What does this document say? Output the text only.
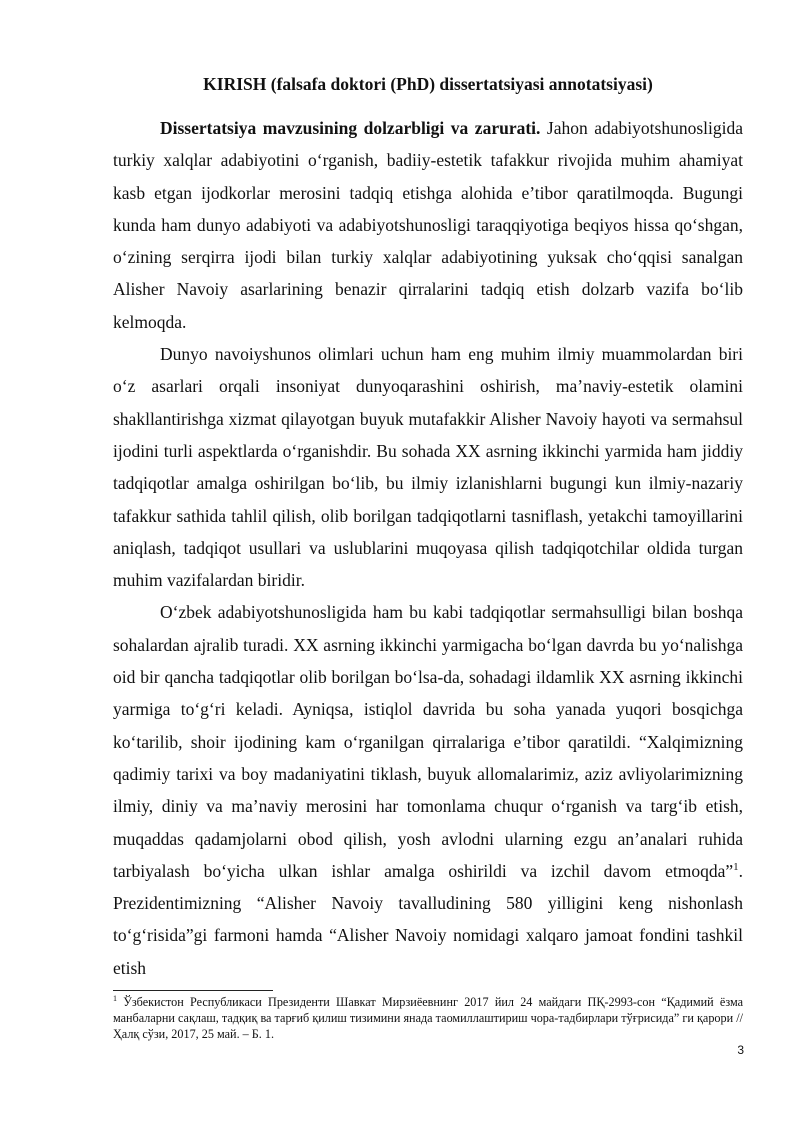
KIRISH (falsafa doktori (PhD) dissertatsiyasi annotatsiyasi)

Dissertatsiya mavzusining dolzarbligi va zarurati. Jahon adabiyotshunosligida turkiy xalqlar adabiyotini o‘rganish, badiiy-estetik tafakkur rivojida muhim ahamiyat kasb etgan ijodkorlar merosini tadqiq etishga alohida e’tibor qaratilmoqda. Bugungi kunda ham dunyo adabiyoti va adabiyotshunosligi taraqqiyotiga beqiyos hissa qo‘shgan, o‘zining serqirra ijodi bilan turkiy xalqlar adabiyotining yuksak cho‘qqisi sanalgan Alisher Navoiy asarlarining benazir qirralarini tadqiq etish dolzarb vazifa bo‘lib kelmoqda.

Dunyo navoiyshunos olimlari uchun ham eng muhim ilmiy muammolardan biri o‘z asarlari orqali insoniyat dunyoqarashini oshirish, ma’naviy-estetik olamini shakllantirishga xizmat qilayotgan buyuk mutafakkir Alisher Navoiy hayoti va sermahsul ijodini turli aspektlarda o‘rganishdir. Bu sohada XX asrning ikkinchi yarmida ham jiddiy tadqiqotlar amalga oshirilgan bo‘lib, bu ilmiy izlanishlarni bugungi kun ilmiy-nazariy tafakkur sathida tahlil qilish, olib borilgan tadqiqotlarni tasniflash, yetakchi tamoyillarini aniqlash, tadqiqot usullari va uslublarini muqoyasa qilish tadqiqotchilar oldida turgan muhim vazifalardan biridir.

O‘zbek adabiyotshunosligida ham bu kabi tadqiqotlar sermahsulligi bilan boshqa sohalardan ajralib turadi. XX asrning ikkinchi yarmigacha bo‘lgan davrda bu yo‘nalishga oid bir qancha tadqiqotlar olib borilgan bo‘lsa-da, sohadagi ildamlik XX asrning ikkinchi yarmiga to‘g‘ri keladi. Ayniqsa, istiqlol davrida bu soha yanada yuqori bosqichga ko‘tarilib, shoir ijodining kam o‘rganilgan qirralariga e’tibor qaratildi. “Xalqimizning qadimiy tarixi va boy madaniyatini tiklash, buyuk allomalarimiz, aziz avliyolarimizning ilmiy, diniy va ma’naviy merosini har tomonlama chuqur o‘rganish va targ‘ib etish, muqaddas qadamjolarni obod qilish, yosh avlodni ularning ezgu an’analari ruhida tarbiyalash bo‘yicha ulkan ishlar amalga oshirildi va izchil davom etmoqda”$^1$. Prezidentimizning “Alisher Navoiy tavalludining 580 yilligini keng nishonlash to‘g‘risida”gi farmoni hamda “Alisher Navoiy nomidagi xalqaro jamoat fondini tashkil etish

$^1$ Ўзбекистон Республикаси Президенти Шавкат Мирзиёевнинг 2017 йил 24 майдаги ПҚ-2993-сон “Қадимий ёзма манбаларни сақлаш, тадқиқ ва тарғиб қилиш тизимини янада таомиллаштириш чора-тадбирлари тўғрисида” ги қарори // Ҳалқ сўзи, 2017, 25 май. – Б. 1.

3
